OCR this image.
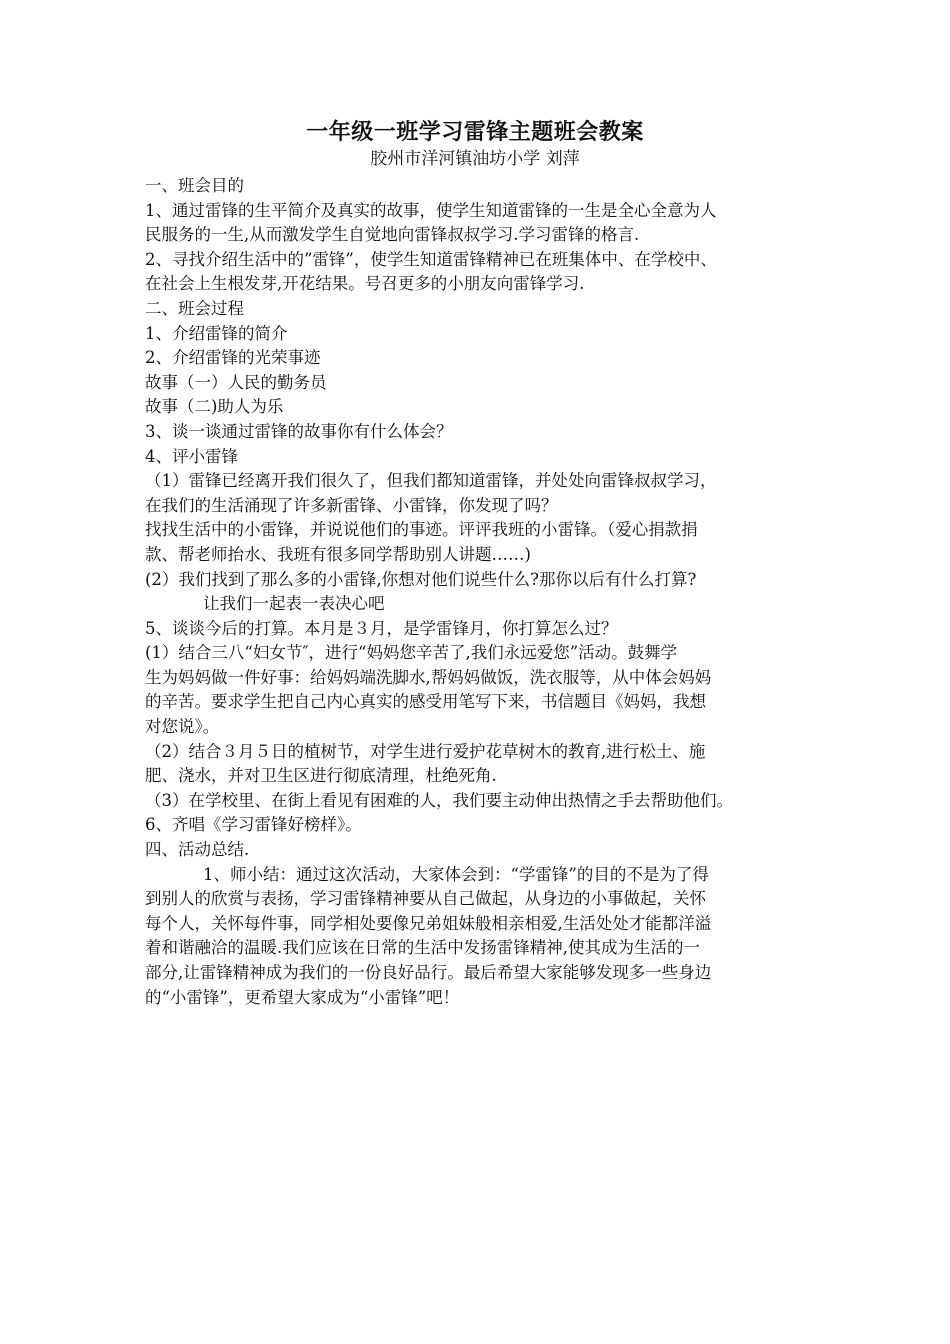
一年级一班学习雷锋主题班会教案
胶州市洋河镇油坊小学 刘萍
一、班会目的
1、通过雷锋的生平简介及真实的故事，使学生知道雷锋的一生是全心全意为人
民服务的一生,从而激发学生自觉地向雷锋叔叔学习.学习雷锋的格言.
2、寻找介绍生活中的”雷锋”，使学生知道雷锋精神已在班集体中、在学校中、
在社会上生根发芽,开花结果。号召更多的小朋友向雷锋学习.
二、班会过程
1、介绍雷锋的简介
2、介绍雷锋的光荣事迹
故事（一）人民的勤务员
故事（二)助人为乐
3、谈一谈通过雷锋的故事你有什么体会？
4、评小雷锋
（1）雷锋已经离开我们很久了，但我们都知道雷锋，并处处向雷锋叔叔学习，
在我们的生活涌现了许多新雷锋、小雷锋，你发现了吗？
找找生活中的小雷锋，并说说他们的事迹。评评我班的小雷锋。（爱心捐款捐
款、帮老师抬水、我班有很多同学帮助别人讲题……)
(2）我们找到了那么多的小雷锋,你想对他们说些什么?那你以后有什么打算?
让我们一起表一表决心吧
5、谈谈今后的打算。本月是３月，是学雷锋月，你打算怎么过？
(1）结合三八“妇女节″，进行“妈妈您辛苦了,我们永远爱您”活动。鼓舞学
生为妈妈做一件好事：给妈妈端洗脚水,帮妈妈做饭，洗衣服等，从中体会妈妈
的辛苦。要求学生把自己内心真实的感受用笔写下来，书信题目《妈妈，我想
对您说》。
（2）结合３月５日的植树节，对学生进行爱护花草树木的教育,进行松土、施
肥、浇水，并对卫生区进行彻底清理，杜绝死角.
（3）在学校里、在街上看见有困难的人，我们要主动伸出热情之手去帮助他们。
6、齐唱《学习雷锋好榜样》。
四、活动总结.
1、师小结：通过这次活动，大家体会到：“学雷锋”的目的不是为了得
到别人的欣赏与表扬，学习雷锋精神要从自己做起，从身边的小事做起，关怀
每个人，关怀每件事，同学相处要像兄弟姐妹般相亲相爱,生活处处才能都洋溢
着和谐融洽的温暖.我们应该在日常的生活中发扬雷锋精神,使其成为生活的一
部分,让雷锋精神成为我们的一份良好品行。最后希望大家能够发现多一些身边
的“小雷锋”，更希望大家成为“小雷锋”吧！
